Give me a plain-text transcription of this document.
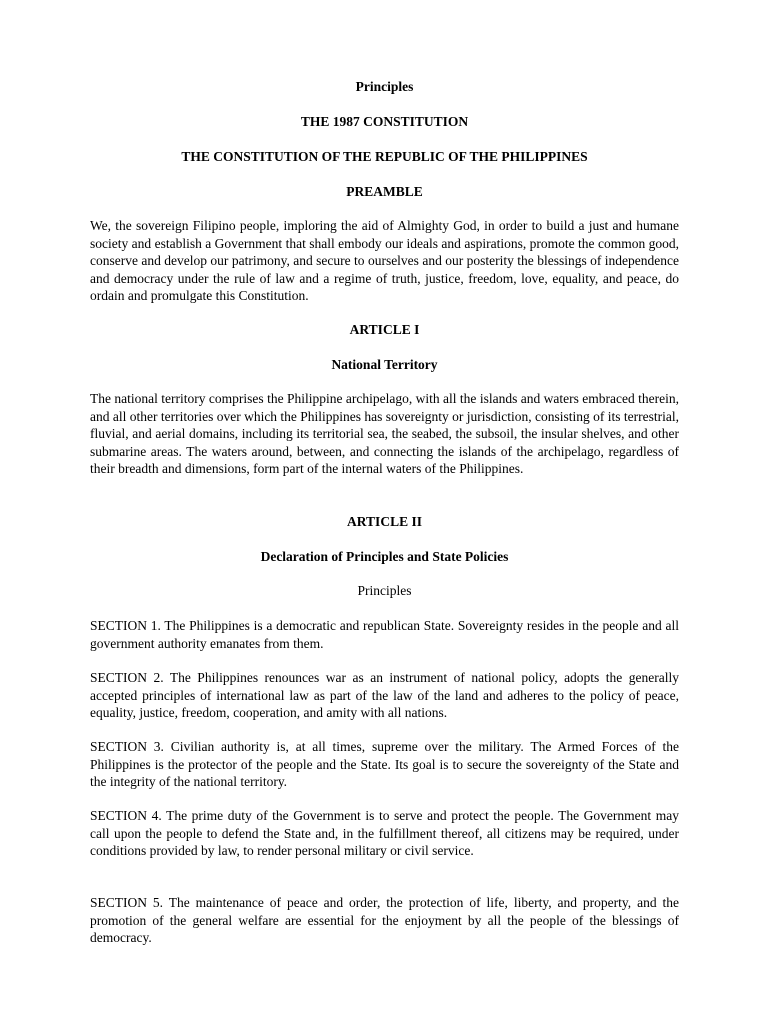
Principles

THE 1987 CONSTITUTION

THE CONSTITUTION OF THE REPUBLIC OF THE PHILIPPINES

PREAMBLE

We, the sovereign Filipino people, imploring the aid of Almighty God, in order to build a just and humane society and establish a Government that shall embody our ideals and aspirations, promote the common good, conserve and develop our patrimony, and secure to ourselves and our posterity the blessings of independence and democracy under the rule of law and a regime of truth, justice, freedom, love, equality, and peace, do ordain and promulgate this Constitution.

ARTICLE I

National Territory

The national territory comprises the Philippine archipelago, with all the islands and waters embraced therein, and all other territories over which the Philippines has sovereignty or jurisdiction, consisting of its terrestrial, fluvial, and aerial domains, including its territorial sea, the seabed, the subsoil, the insular shelves, and other submarine areas. The waters around, between, and connecting the islands of the archipelago, regardless of their breadth and dimensions, form part of the internal waters of the Philippines.

ARTICLE II

Declaration of Principles and State Policies

Principles

SECTION 1. The Philippines is a democratic and republican State. Sovereignty resides in the people and all government authority emanates from them.

SECTION 2. The Philippines renounces war as an instrument of national policy, adopts the generally accepted principles of international law as part of the law of the land and adheres to the policy of peace, equality, justice, freedom, cooperation, and amity with all nations.

SECTION 3. Civilian authority is, at all times, supreme over the military. The Armed Forces of the Philippines is the protector of the people and the State. Its goal is to secure the sovereignty of the State and the integrity of the national territory.

SECTION 4. The prime duty of the Government is to serve and protect the people. The Government may call upon the people to defend the State and, in the fulfillment thereof, all citizens may be required, under conditions provided by law, to render personal military or civil service.

SECTION 5. The maintenance of peace and order, the protection of life, liberty, and property, and the promotion of the general welfare are essential for the enjoyment by all the people of the blessings of democracy.
